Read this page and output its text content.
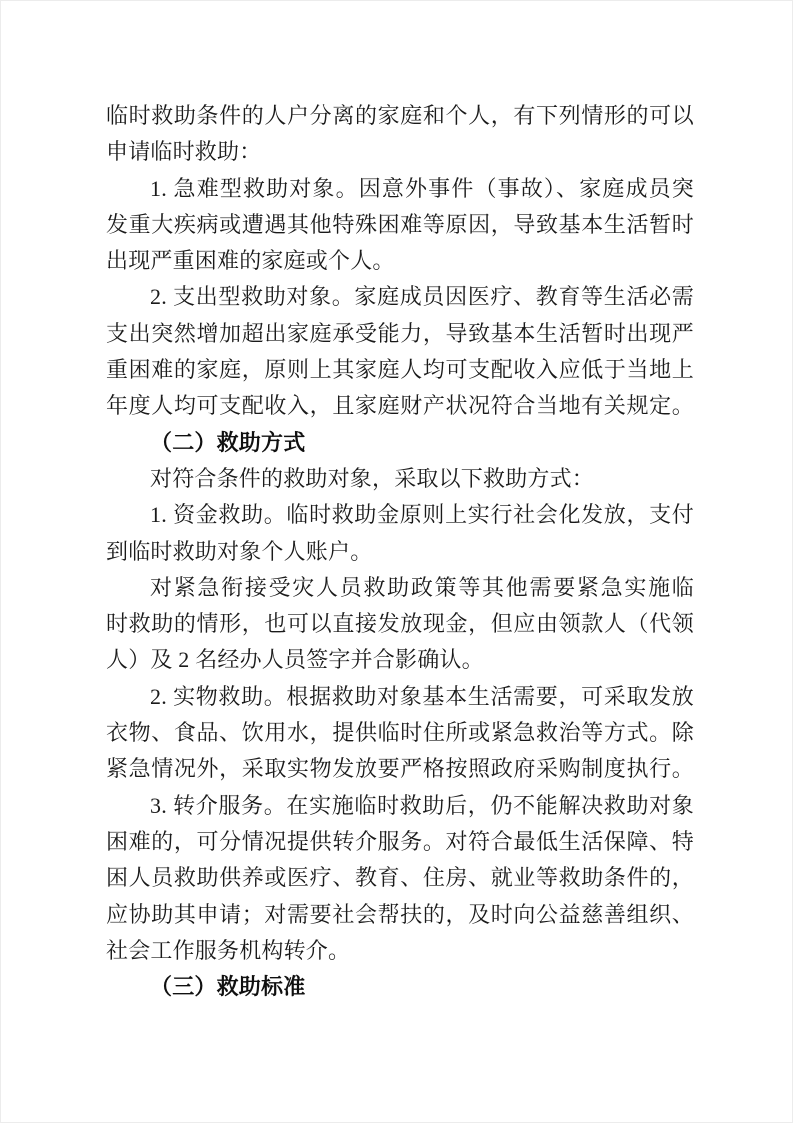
临时救助条件的人户分离的家庭和个人，有下列情形的可以
申请临时救助：
1. 急难型救助对象。因意外事件（事故）、家庭成员突
发重大疾病或遭遇其他特殊困难等原因，导致基本生活暂时
出现严重困难的家庭或个人。
2. 支出型救助对象。家庭成员因医疗、教育等生活必需
支出突然增加超出家庭承受能力，导致基本生活暂时出现严
重困难的家庭，原则上其家庭人均可支配收入应低于当地上
年度人均可支配收入，且家庭财产状况符合当地有关规定。
（二）救助方式
对符合条件的救助对象，采取以下救助方式：
1. 资金救助。临时救助金原则上实行社会化发放，支付
到临时救助对象个人账户。
对紧急衔接受灾人员救助政策等其他需要紧急实施临
时救助的情形，也可以直接发放现金，但应由领款人（代领
人）及 2 名经办人员签字并合影确认。
2. 实物救助。根据救助对象基本生活需要，可采取发放
衣物、食品、饮用水，提供临时住所或紧急救治等方式。除
紧急情况外，采取实物发放要严格按照政府采购制度执行。
3. 转介服务。在实施临时救助后，仍不能解决救助对象
困难的，可分情况提供转介服务。对符合最低生活保障、特
困人员救助供养或医疗、教育、住房、就业等救助条件的，
应协助其申请；对需要社会帮扶的，及时向公益慈善组织、
社会工作服务机构转介。
（三）救助标准
